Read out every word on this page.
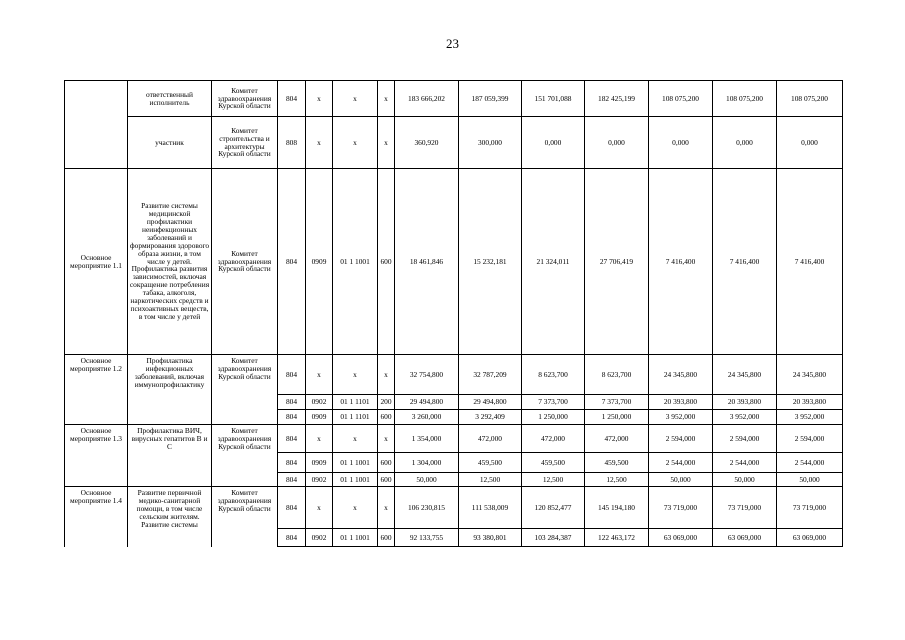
23
	ответственный исполнитель	Комитет здравоохранения Курской области	804	x	x	x	183 666,202	187 059,399	151 701,088	182 425,199	108 075,200	108 075,200	108 075,200
	участник	Комитет строительства и архитектуры Курской области	808	x	x	x	360,920	300,000	0,000	0,000	0,000	0,000	0,000
Основное мероприятие 1.1	Развитие системы медицинской профилактики неинфекционных заболеваний и формирования здорового образа жизни, в том числе у детей. Профилактика развития зависимостей, включая сокращение потребления табака, алкоголя, наркотических средств и психоактивных веществ, в том числе у детей	Комитет здравоохранения Курской области	804	0909	01 1 1001	600	18 461,846	15 232,181	21 324,011	27 706,419	7 416,400	7 416,400	7 416,400
Основное мероприятие 1.2	Профилактика инфекционных заболеваний, включая иммунопрофилактику	Комитет здравоохранения Курской области	804	x	x	x	32 754,800	32 787,209	8 623,700	8 623,700	24 345,800	24 345,800	24 345,800
			804	0902	01 1 1101	200	29 494,800	29 494,800	7 373,700	7 373,700	20 393,800	20 393,800	20 393,800
			804	0909	01 1 1101	600	3 260,000	3 292,409	1 250,000	1 250,000	3 952,000	3 952,000	3 952,000
Основное мероприятие 1.3	Профилактика ВИЧ, вирусных гепатитов В и С	Комитет здравоохранения Курской области	804	x	x	x	1 354,000	472,000	472,000	472,000	2 594,000	2 594,000	2 594,000
			804	0909	01 1 1001	600	1 304,000	459,500	459,500	459,500	2 544,000	2 544,000	2 544,000
			804	0902	01 1 1001	600	50,000	12,500	12,500	12,500	50,000	50,000	50,000
Основное мероприятие 1.4	Развитие первичной медико-санитарной помощи, в том числе сельским жителям. Развитие системы	Комитет здравоохранения Курской области	804	x	x	x	106 230,815	111 538,009	120 852,477	145 194,180	73 719,000	73 719,000	73 719,000
			804	0902	01 1 1001	600	92 133,755	93 380,801	103 284,387	122 463,172	63 069,000	63 069,000	63 069,000
